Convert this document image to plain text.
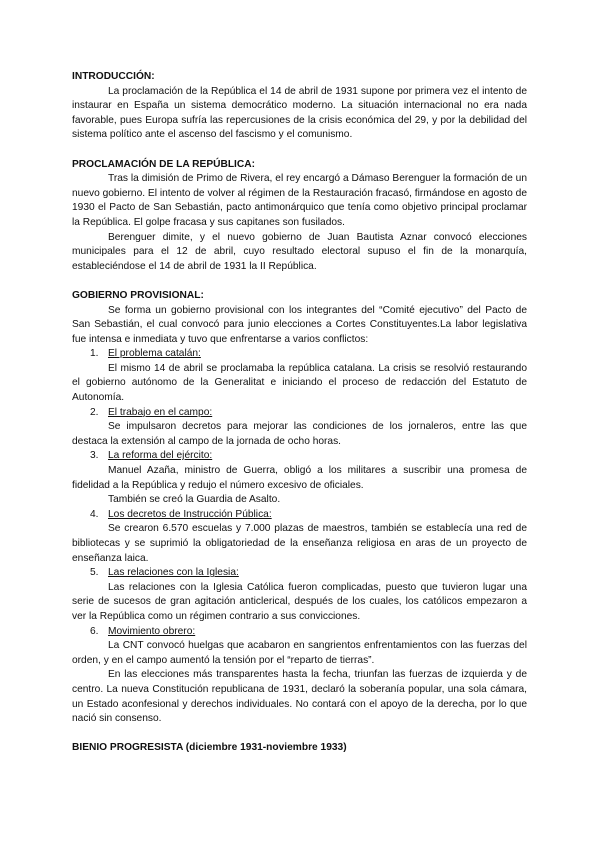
INTRODUCCIÓN:

La proclamación de la República el 14 de abril de 1931 supone por primera vez el intento de instaurar en España un sistema democrático moderno. La situación internacional no era nada favorable, pues Europa sufría las repercusiones de la crisis económica del 29, y por la debilidad del sistema político ante el ascenso del fascismo y el comunismo.

PROCLAMACIÓN DE LA REPÚBLICA:

Tras la dimisión de Primo de Rivera, el rey encargó a Dámaso Berenguer la formación de un nuevo gobierno. El intento de volver al régimen de la Restauración fracasó, firmándose en agosto de 1930 el Pacto de San Sebastián, pacto antimonárquico que tenía como objetivo principal proclamar la República. El golpe fracasa y sus capitanes son fusilados.

Berenguer dimite, y el nuevo gobierno de Juan Bautista Aznar convocó elecciones municipales para el 12 de abril, cuyo resultado electoral supuso el fin de la monarquía, estableciéndose el 14 de abril de 1931 la II República.

GOBIERNO PROVISIONAL:

Se forma un gobierno provisional con los integrantes del “Comité ejecutivo” del Pacto de San Sebastián, el cual convocó para junio elecciones a Cortes Constituyentes.La labor legislativa fue intensa e inmediata y tuvo que enfrentarse a varios conflictos:

1. El problema catalán:

El mismo 14 de abril se proclamaba la república catalana. La crisis se resolvió restaurando el gobierno autónomo de la Generalitat e iniciando el proceso de redacción del Estatuto de Autonomía.

2. El trabajo en el campo:

Se impulsaron decretos para mejorar las condiciones de los jornaleros, entre las que destaca la extensión al campo de la jornada de ocho horas.

3. La reforma del ejército:

Manuel Azaña, ministro de Guerra, obligó a los militares a suscribir una promesa de fidelidad a la República y redujo el número excesivo de oficiales.

También se creó la Guardia de Asalto.

4. Los decretos de Instrucción Pública:

Se crearon 6.570 escuelas y 7.000 plazas de maestros, también se establecía una red de bibliotecas y se suprimió la obligatoriedad de la enseñanza religiosa en aras de un proyecto de enseñanza laica.

5. Las relaciones con la Iglesia:

Las relaciones con la Iglesia Católica fueron complicadas, puesto que tuvieron lugar una serie de sucesos de gran agitación anticlerical, después de los cuales, los católicos empezaron a ver la República como un régimen contrario a sus convicciones.

6. Movimiento obrero:

La CNT convocó huelgas que acabaron en sangrientos enfrentamientos con las fuerzas del orden, y en el campo aumentó la tensión por el “reparto de tierras”.

En las elecciones más transparentes hasta la fecha, triunfan las fuerzas de izquierda y de centro. La nueva Constitución republicana de 1931, declaró la soberanía popular, una sola cámara, un Estado aconfesional y derechos individuales. No contará con el apoyo de la derecha, por lo que nació sin consenso.

BIENIO PROGRESISTA (diciembre 1931-noviembre 1933)
